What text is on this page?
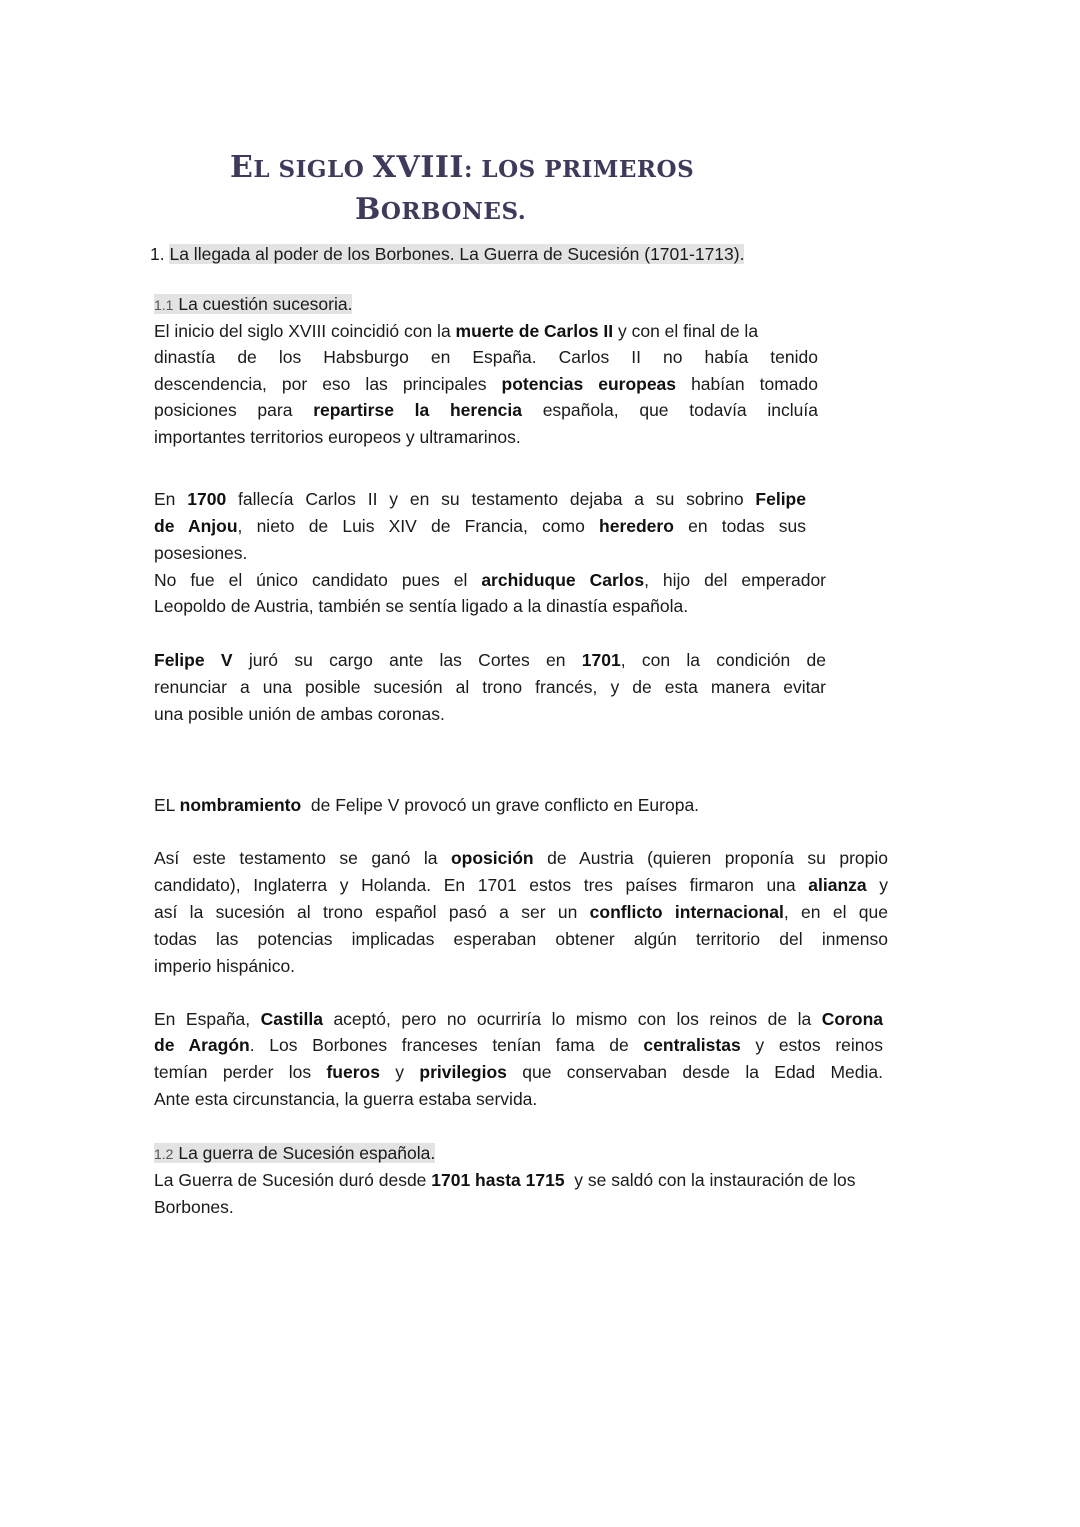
EL SIGLO XVIII: LOS PRIMEROS
BORBONES.
1. La llegada al poder de los Borbones. La Guerra de Sucesión (1701-1713).
1.1 La cuestión sucesoria.
El inicio del siglo XVIII coincidió con la muerte de Carlos II y con el final de la
dinastía de los Habsburgo en España. Carlos II no había tenido
descendencia, por eso las principales potencias europeas habían tomado
posiciones para repartirse la herencia española, que todavía incluía
importantes territorios europeos y ultramarinos.
En 1700 fallecía Carlos II y en su testamento dejaba a su sobrino Felipe
de Anjou, nieto de Luis XIV de Francia, como heredero en todas sus
posesiones.
No fue el único candidato pues el archiduque Carlos, hijo del emperador
Leopoldo de Austria, también se sentía ligado a la dinastía española.
Felipe V juró su cargo ante las Cortes en 1701, con la condición de
renunciar a una posible sucesión al trono francés, y de esta manera evitar
una posible unión de ambas coronas.
EL nombramiento  de Felipe V provocó un grave conflicto en Europa.
Así este testamento se ganó la oposición de Austria (quieren proponía su propio
candidato), Inglaterra y Holanda. En 1701 estos tres países firmaron una alianza y
así la sucesión al trono español pasó a ser un conflicto internacional, en el que
todas las potencias implicadas esperaban obtener algún territorio del inmenso
imperio hispánico.
En España, Castilla aceptó, pero no ocurriría lo mismo con los reinos de la Corona
de Aragón. Los Borbones franceses tenían fama de centralistas y estos reinos
temían perder los fueros y privilegios que conservaban desde la Edad Media.
Ante esta circunstancia, la guerra estaba servida.
1.2 La guerra de Sucesión española.
La Guerra de Sucesión duró desde 1701 hasta 1715  y se saldó con la instauración de los
Borbones.
